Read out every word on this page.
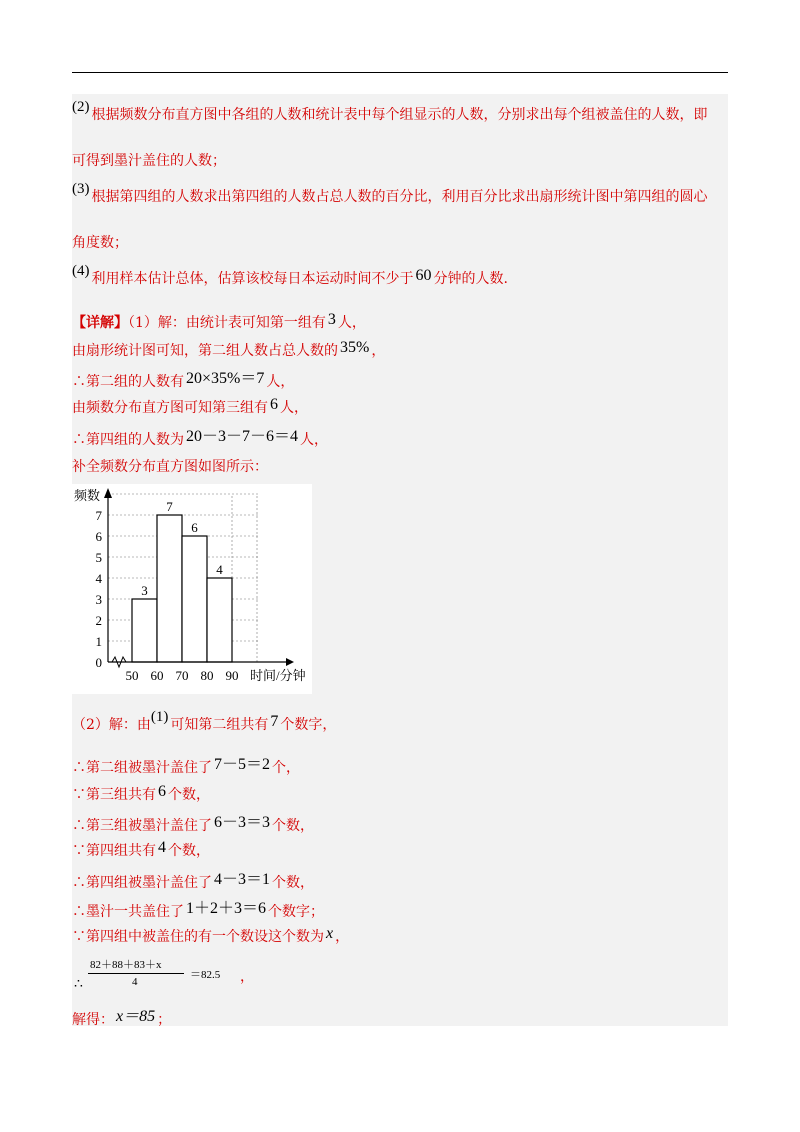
(2) 根据频数分布直方图中各组的人数和统计表中每个组显示的人数，分别求出每个组被盖住的人数，即
可得到墨汁盖住的人数；
(3) 根据第四组的人数求出第四组的人数占总人数的百分比，利用百分比求出扇形统计图中第四组的圆心
角度数；
(4) 利用样本估计总体，估算该校每日本运动时间不少于 60 分钟的人数.
【详解】（1）解：由统计表可知第一组有 3 人，
由扇形统计图可知，第二组人数占总人数的 35% ，
∴第二组的人数有 20×35%＝7 人，
由频数分布直方图可知第三组有 6 人，
∴第四组的人数为 20－3－7－6＝4 人，
补全频数分布直方图如图所示：
3
7
6
4
0
1
2
3
4
5
6
7
50 60 70 80 90
频数
时间/分钟
（2）解：由(1) 可知第二组共有 7 个数字，
∴第二组被墨汁盖住了 7－5＝2 个，
∵第三组共有 6 个数，
∴第三组被墨汁盖住了 6－3＝3 个数，
∵第四组共有 4 个数，
∴第四组被墨汁盖住了 4－3＝1 个数，
∴墨汁一共盖住了 1＋2＋3＝6 个数字；
∵第四组中被盖住的有一个数设这个数为 x ，
∴
82＋88＋83＋x
4
＝82.5 ，
解得： x＝85 ；
